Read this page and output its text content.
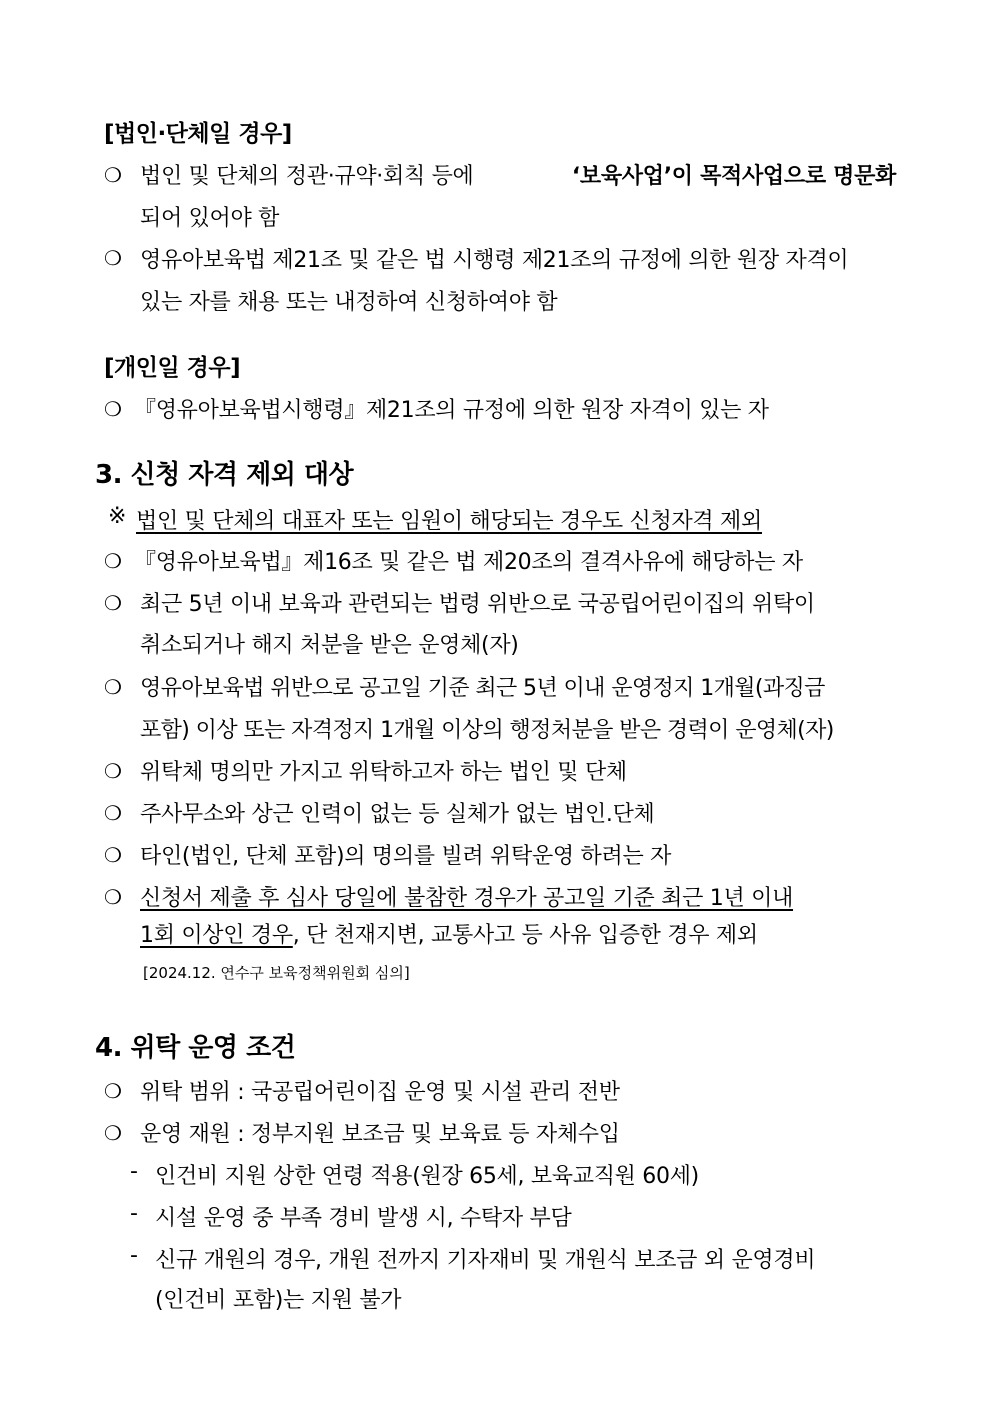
[법인·단체일 경우]
❍ 법인 및 단체의 정관·규약·회칙 등에	‘보육사업’이 목적사업으로 명문화
되어 있어야 함
❍ 영유아보육법 제21조 및 같은 법 시행령 제21조의 규정에 의한 원장 자격이
있는 자를 채용 또는 내정하여 신청하여야 함
[개인일 경우]
❍ 『영유아보육법시행령』제21조의 규정에 의한 원장 자격이 있는 자
3. 신청 자격 제외 대상
※ 법인 및 단체의 대표자 또는 임원이 해당되는 경우도 신청자격 제외
❍ 『영유아보육법』제16조 및 같은 법 제20조의 결격사유에 해당하는 자
❍ 최근 5년 이내 보육과 관련되는 법령 위반으로 국공립어린이집의 위탁이
취소되거나 해지 처분을 받은 운영체(자)
❍ 영유아보육법 위반으로 공고일 기준 최근 5년 이내 운영정지 1개월(과징금
포함) 이상 또는 자격정지 1개월 이상의 행정처분을 받은 경력이 운영체(자)
❍ 위탁체 명의만 가지고 위탁하고자 하는 법인 및 단체
❍ 주사무소와 상근 인력이 없는 등 실체가 없는 법인.단체
❍ 타인(법인, 단체 포함)의 명의를 빌려 위탁운영 하려는 자
❍ 신청서 제출 후 심사 당일에 불참한 경우가 공고일 기준 최근 1년 이내
1회 이상인 경우, 단 천재지변, 교통사고 등 사유 입증한 경우 제외
[2024.12. 연수구 보육정책위원회 심의]
4. 위탁 운영 조건
❍ 위탁 범위 : 국공립어린이집 운영 및 시설 관리 전반
❍ 운영 재원 : 정부지원 보조금 및 보육료 등 자체수입
- 인건비 지원 상한 연령 적용(원장 65세, 보육교직원 60세)
- 시설 운영 중 부족 경비 발생 시, 수탁자 부담
- 신규 개원의 경우, 개원 전까지 기자재비 및 개원식 보조금 외 운영경비
(인건비 포함)는 지원 불가
